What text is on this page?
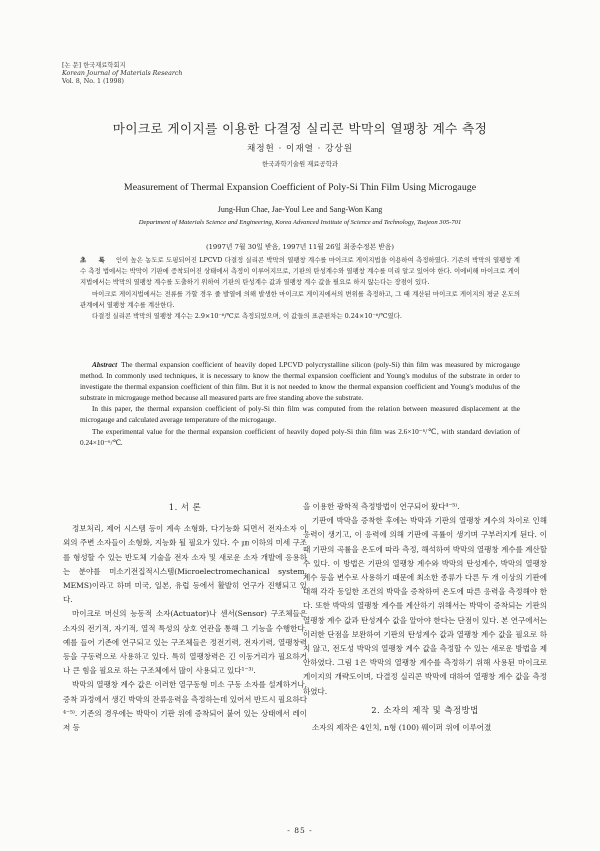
[논 문] 한국재료학회지
Korean Journal of Materials Research
Vol. 8, No. 1 (1998)
마이크로 게이지를 이용한 다결정 실리콘 박막의 열팽창 계수 측정
채정헌 · 이재열 · 강상원
한국과학기술원 재료공학과
Measurement of Thermal Expansion Coefficient of Poly-Si Thin Film Using Microgauge
Jung-Hun Chae, Jae-Youl Lee and Sang-Won Kang
Department of Materials Science and Engineering, Korea Advanced Institute of Science and Technology, Taejeon 305-701
(1997년 7월 30일 받음, 1997년 11월 26일 최종수정본 받음)

초 록 인이 높은 농도로 도핑되어진 LPCVD 다결정 실리콘 박막의 열팽창 계수를 마이크로 게이지법을 이용하여 측정하였다. 기존의 박막의 열팽창 계수 측정 법에서는 박막이 기판에 증착되어진 상태에서 측정이 이루어지므로, 기판의 탄성계수와 열팽창 계수를 미리 알고 있어야 한다. 이에비해 마이크로 게이지법에서는 박막의 열팽창 계수를 도출하기 위하여 기판의 탄성계수 값과 열팽창 계수 값을 필요로 하지 않는다는 장점이 있다.

마이크로 게이지법에서는 전류를 가할 경우 줄 발열에 의해 발생한 마이크로 게이지에서의 변위를 측정하고, 그 때 계산된 마이크로 게이지의 평균 온도의 관계에서 열팽창 계수를 계산한다.

다결정 실리콘 박막의 열팽창 계수는 2.9×10⁻⁶/℃로 측정되었으며, 이 값들의 표준편차는 0.24×10⁻⁶/℃였다.

Abstract The thermal expansion coefficient of heavily doped LPCVD polycrystalline silicon (poly-Si) thin film was measured by microgauge method. In commonly used techniques, it is necessary to know the thermal expansion coefficient and Young's modulus of the substrate in order to investigate the thermal expansion coefficient of thin film. But it is not needed to know the thermal expansion coefficient and Young's modulus of the substrate in microgauge method because all measured parts are free standing above the substrate.

In this paper, the thermal expansion coefficient of poly-Si thin film was computed from the relation between measured displacement at the microgauge and calculated average temperature of the microgauge.

The experimental value for the thermal expansion coefficient of heavily doped poly-Si thin film was 2.6×10⁻⁶/℃, with standard deviation of 0.24×10⁻⁶/℃.

1. 서 론

정보처리, 제어 시스템 등이 계속 소형화, 다기능화 되면서 전자소자 이외의 주변 소자들이 소형화, 지능화 될 필요가 있다. 수 ㎛ 이하의 미세 구조를 형성할 수 있는 반도체 기술을 전자 소자 및 새로운 소자 개발에 응용하는 분야를 미소기전집적시스템(Microelectromechanical system, MEMS)이라고 하며 미국, 일본, 유럽 등에서 활발히 연구가 진행되고 있다.

마이크로 머신의 능동적 소자(Actuator)나 센서(Sensor) 구조체들은 소자의 전기적, 자기적, 열적 특성의 상호 연관을 통해 그 기능을 수행한다. 예를 들어 기존에 연구되고 있는 구조체들은 정전기력, 전자기력, 열팽창력 등을 구동력으로 사용하고 있다. 특히 열팽창력은 긴 이동거리가 필요하거나 큰 힘을 필요로 하는 구조체에서 많이 사용되고 있다¹⁻³⁾.

박막의 열팽창 계수 값은 이러한 열구동형 미소 구동 소자를 설계하거나, 증착 과정에서 생긴 박막의 잔류응력을 측정하는데 있어서 반드시 필요하다⁴⁻⁵⁾. 기존의 경우에는 박막이 기판 위에 증착되어 붙어 있는 상태에서 레이저 등

을 이용한 광학적 측정방법이 연구되어 왔다⁴⁻⁵⁾.

기판에 박막을 증착한 후에는 박막과 기판의 열팽창 계수의 차이로 인해 응력이 생기고, 이 응력에 의해 기판에 곡률이 생기며 구부러지게 된다. 이때 기판의 곡률을 온도에 따라 측정, 해석하여 박막의 열팽창 계수를 계산할 수 있다. 이 방법은 기판의 열팽창 계수와 박막의 탄성계수, 박막의 열팽창 계수 등을 변수로 사용하기 때문에 최소한 종류가 다른 두 개 이상의 기판에 대해 각각 동일한 조건의 박막을 증착하여 온도에 따른 응력을 측정해야 한다. 또한 박막의 열팽창 계수를 계산하기 위해서는 박막이 증착되는 기판의 열팽창 계수 값과 탄성계수 값을 알아야 한다는 단점이 있다. 본 연구에서는 이러한 단점을 보완하여 기판의 탄성계수 값과 열팽창 계수 값을 필요로 하지 않고, 전도성 박막의 열팽창 계수 값을 측정할 수 있는 새로운 방법을 제안하였다. 그림 1은 박막의 열팽창 계수를 측정하기 위해 사용된 마이크로 게이지의 개략도이며, 다결정 실리콘 박막에 대하여 열팽창 계수 값을 측정하였다.

2. 소자의 제작 및 측정방법

소자의 제작은 4인치, n형 (100) 웨이퍼 위에 이루어졌

- 85 -
